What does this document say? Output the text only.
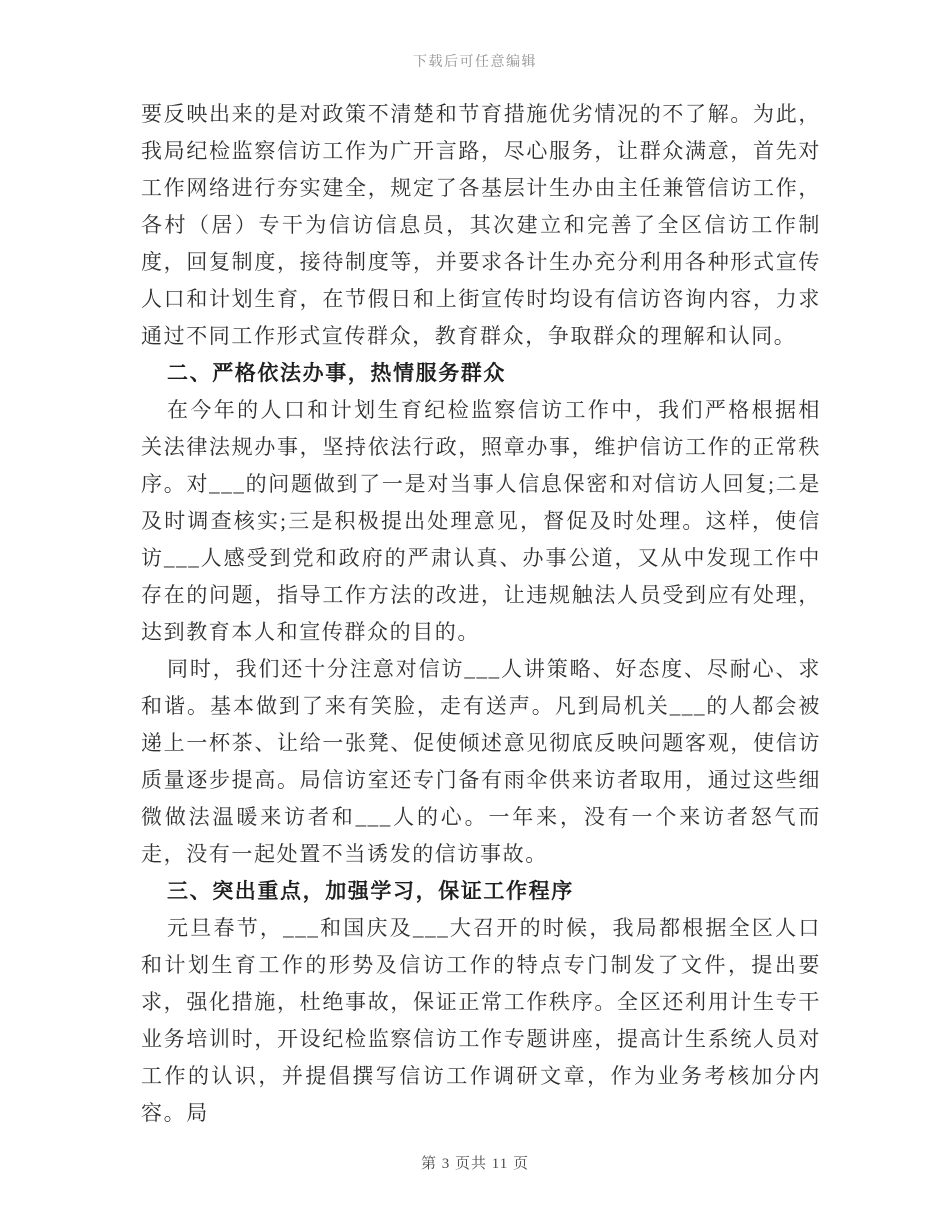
下载后可任意编辑

要反映出来的是对政策不清楚和节育措施优劣情况的不了解。为此，我局纪检监察信访工作为广开言路，尽心服务，让群众满意，首先对工作网络进行夯实建全，规定了各基层计生办由主任兼管信访工作，各村（居）专干为信访信息员，其次建立和完善了全区信访工作制度，回复制度，接待制度等，并要求各计生办充分利用各种形式宣传人口和计划生育，在节假日和上街宣传时均设有信访咨询内容，力求通过不同工作形式宣传群众，教育群众，争取群众的理解和认同。

二、严格依法办事，热情服务群众

在今年的人口和计划生育纪检监察信访工作中，我们严格根据相关法律法规办事，坚持依法行政，照章办事，维护信访工作的正常秩序。对___的问题做到了一是对当事人信息保密和对信访人回复;二是及时调查核实;三是积极提出处理意见，督促及时处理。这样，使信访___人感受到党和政府的严肃认真、办事公道，又从中发现工作中存在的问题，指导工作方法的改进，让违规触法人员受到应有处理，达到教育本人和宣传群众的目的。

同时，我们还十分注意对信访___人讲策略、好态度、尽耐心、求和谐。基本做到了来有笑脸，走有送声。凡到局机关___的人都会被递上一杯茶、让给一张凳、促使倾述意见彻底反映问题客观，使信访质量逐步提高。局信访室还专门备有雨伞供来访者取用，通过这些细微做法温暖来访者和___人的心。一年来，没有一个来访者怒气而走，没有一起处置不当诱发的信访事故。

三、突出重点，加强学习，保证工作程序

元旦春节，___和国庆及___大召开的时候，我局都根据全区人口和计划生育工作的形势及信访工作的特点专门制发了文件，提出要求，强化措施，杜绝事故，保证正常工作秩序。全区还利用计生专干业务培训时，开设纪检监察信访工作专题讲座，提高计生系统人员对工作的认识，并提倡撰写信访工作调研文章，作为业务考核加分内容。局

第 3 页共 11 页
